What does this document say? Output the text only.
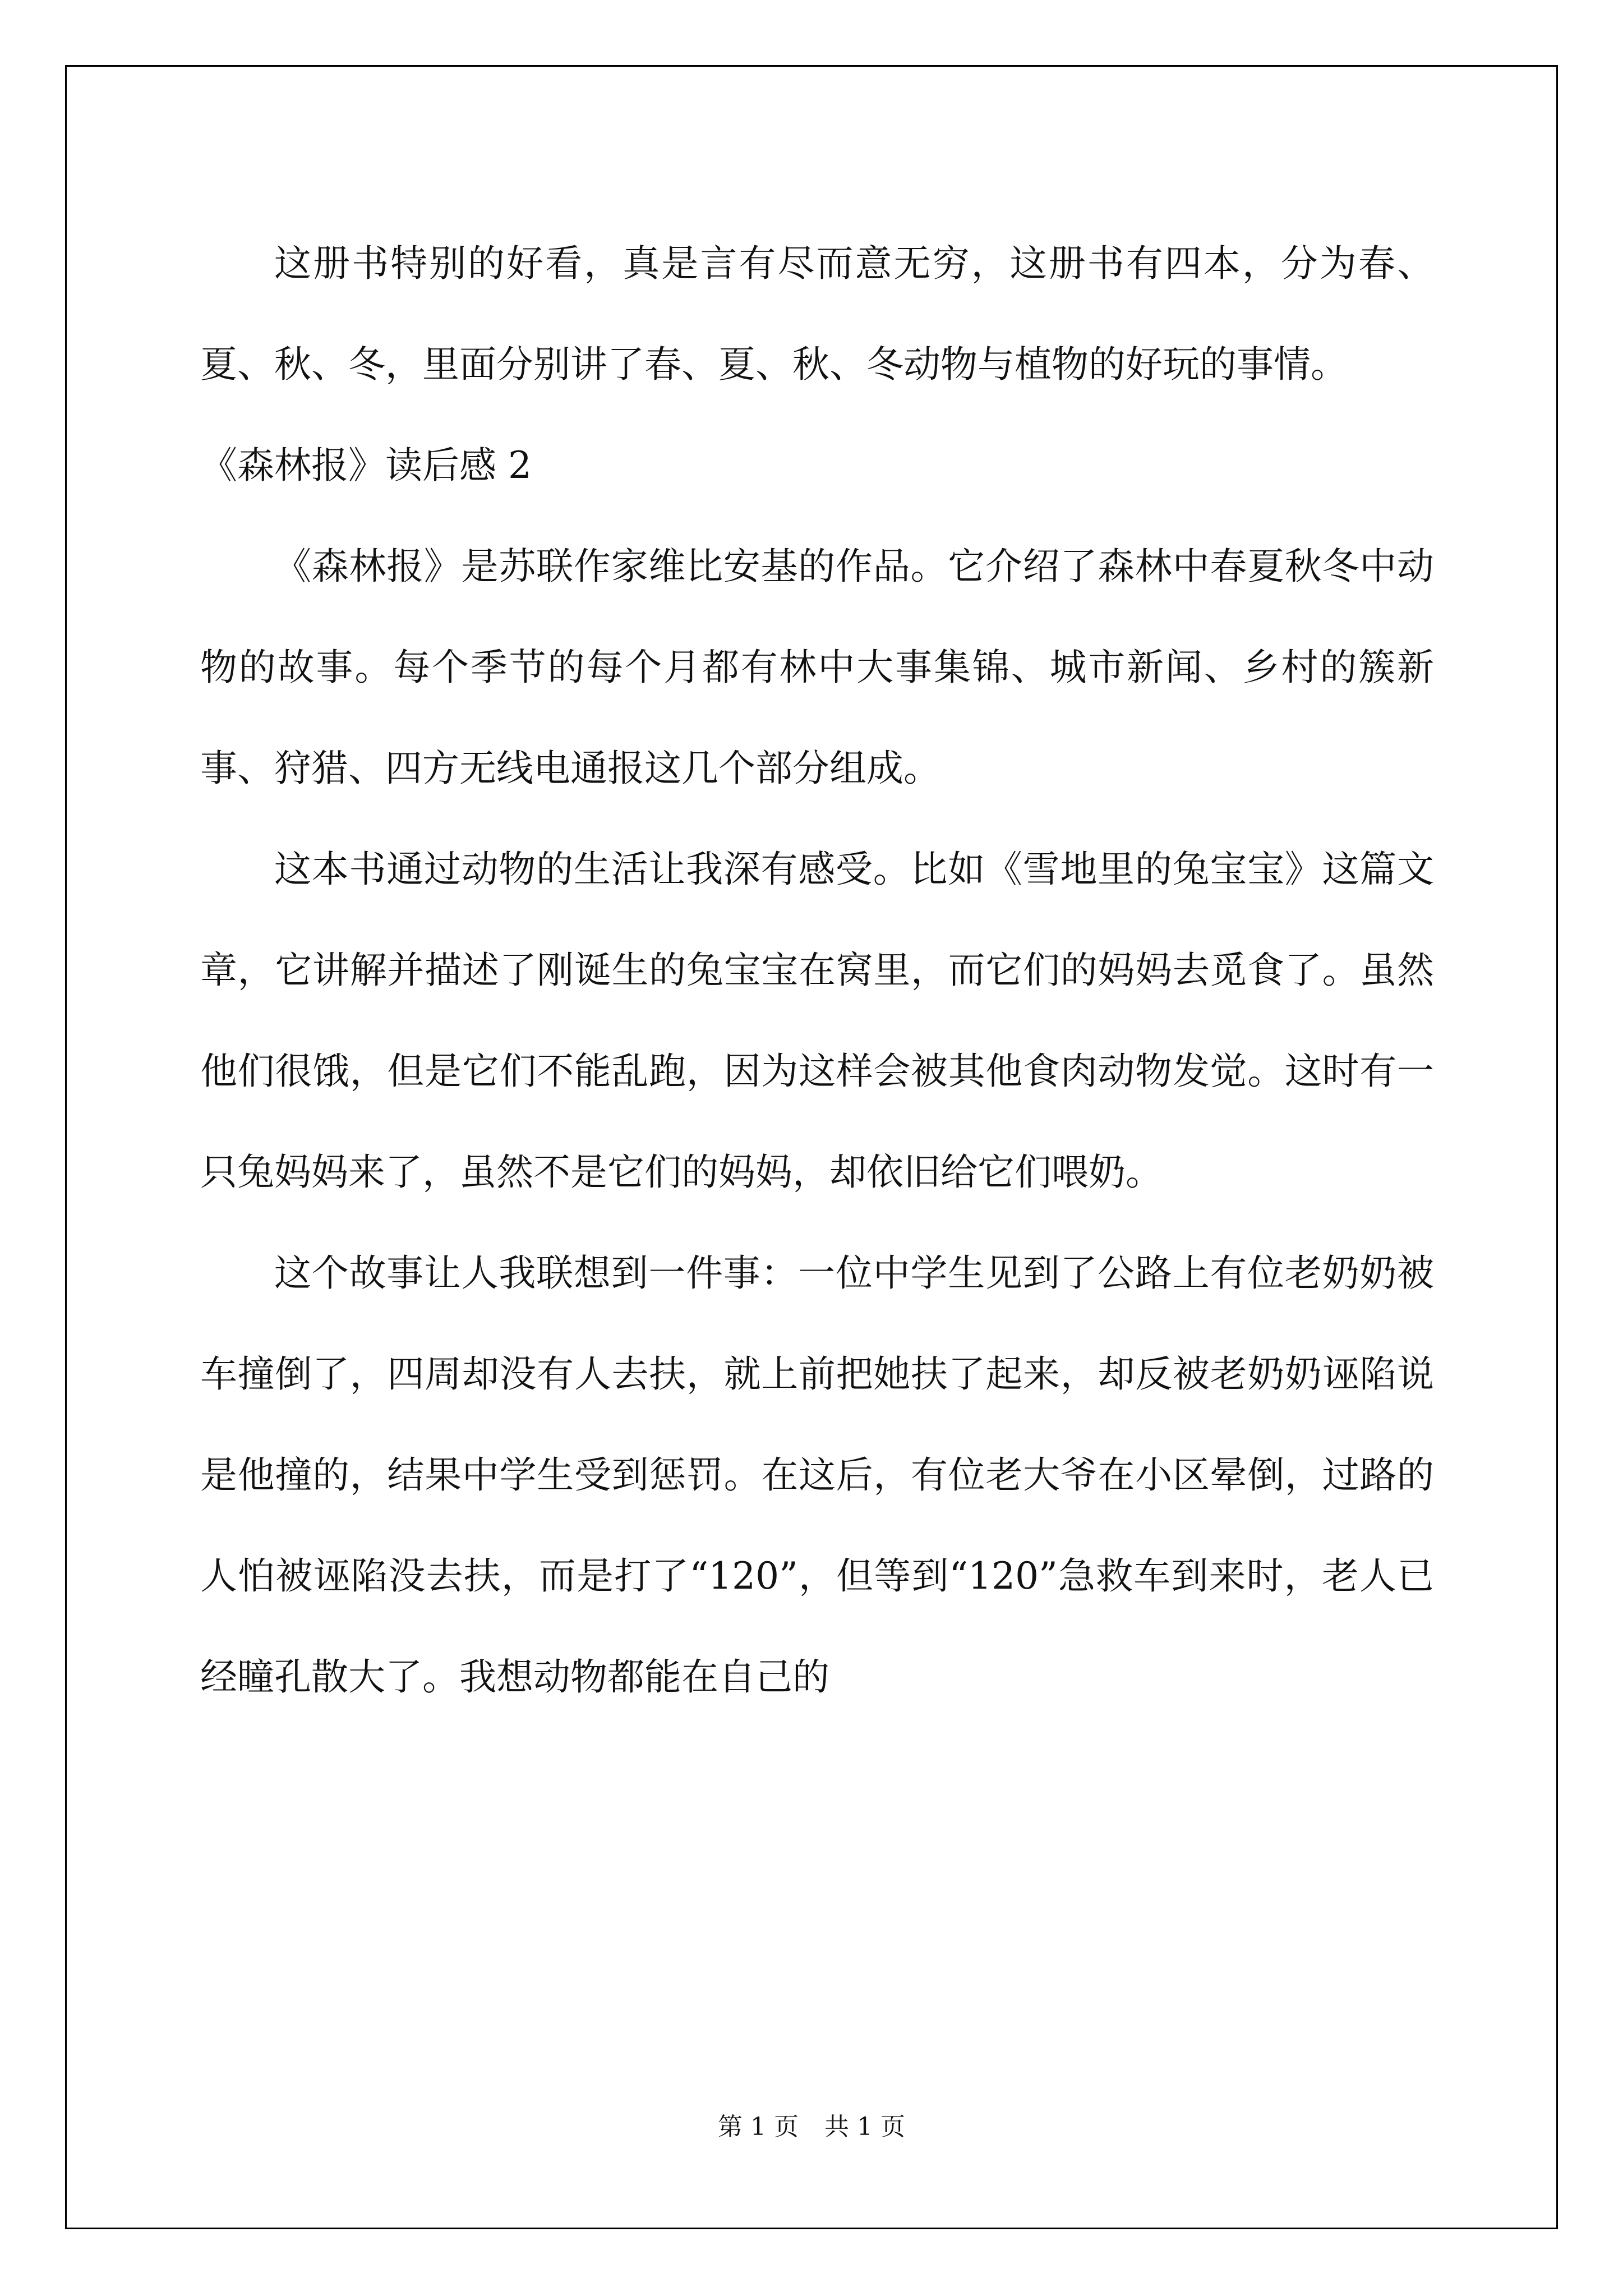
这册书特别的好看，真是言有尽而意无穷，这册书有四本，分为春、夏、秋、冬，里面分别讲了春、夏、秋、冬动物与植物的好玩的事情。

《森林报》读后感 2

《森林报》是苏联作家维比安基的作品。它介绍了森林中春夏秋冬中动物的故事。每个季节的每个月都有林中大事集锦、城市新闻、乡村的簇新事、狩猎、四方无线电通报这几个部分组成。

这本书通过动物的生活让我深有感受。比如《雪地里的兔宝宝》这篇文章，它讲解并描述了刚诞生的兔宝宝在窝里，而它们的妈妈去觅食了。虽然他们很饿，但是它们不能乱跑，因为这样会被其他食肉动物发觉。这时有一只兔妈妈来了，虽然不是它们的妈妈，却依旧给它们喂奶。

这个故事让人我联想到一件事：一位中学生见到了公路上有位老奶奶被车撞倒了，四周却没有人去扶，就上前把她扶了起来，却反被老奶奶诬陷说是他撞的，结果中学生受到惩罚。在这后，有位老大爷在小区晕倒，过路的人怕被诬陷没去扶，而是打了“120”，但等到“120”急救车到来时，老人已经瞳孔散大了。我想动物都能在自己的

第 1 页 共 1 页
